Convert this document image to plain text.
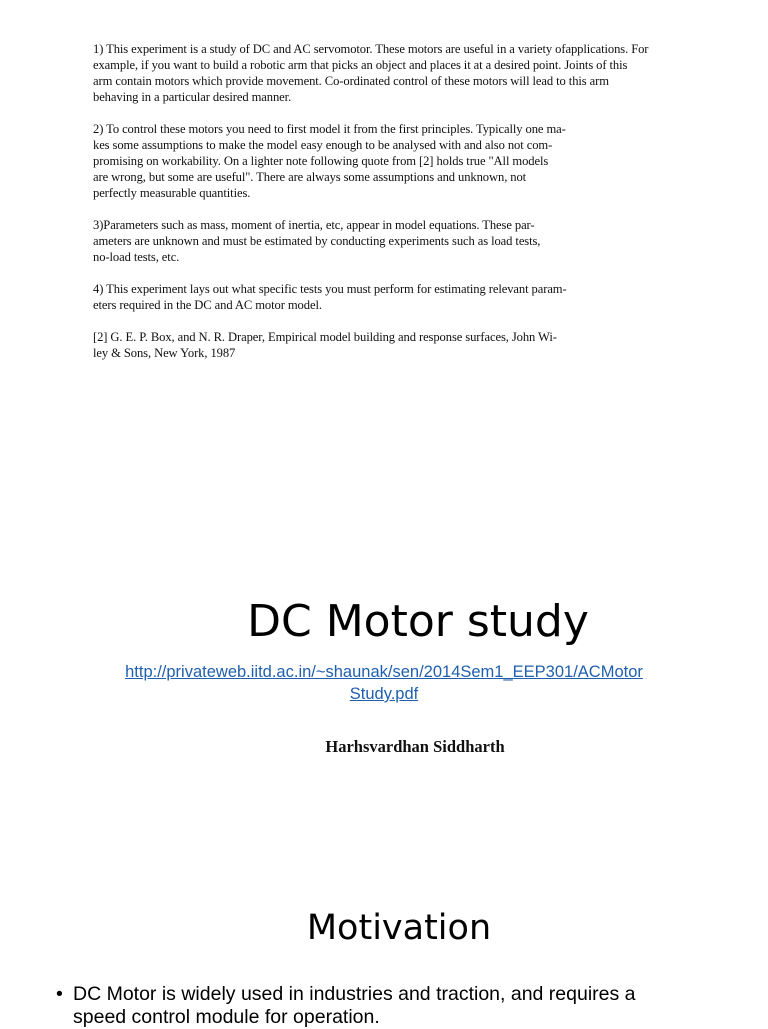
1) This experiment is a study of DC and AC servomotor. These motors are useful in a variety ofapplications. For
example, if you want to build a robotic arm that picks an object and places it at a desired point. Joints of this
arm contain motors which provide movement. Co-ordinated control of these motors will lead to this arm
behaving in a particular desired manner.

2) To control these motors you need to first model it from the first principles. Typically one ma-
kes some assumptions to make the model easy enough to be analysed with and also not com-
promising on workability. On a lighter note following quote from [2] holds true "All models
are wrong, but some are useful". There are always some assumptions and unknown, not
perfectly measurable quantities.

3)Parameters such as mass, moment of inertia, etc, appear in model equations. These par-
ameters are unknown and must be estimated by conducting experiments such as load tests,
no-load tests, etc.

4) This experiment lays out what specific tests you must perform for estimating relevant param-
eters required in the DC and AC motor model.

[2] G. E. P. Box, and N. R. Draper, Empirical model building and response surfaces, John Wi-
ley & Sons, New York, 1987

DC Motor study
http://privateweb.iitd.ac.in/~shaunak/sen/2014Sem1_EEP301/ACMotor
Study.pdf
Harhsvardhan Siddharth
Motivation
• DC Motor is widely used in industries and traction, and requires a
speed control module for operation.
